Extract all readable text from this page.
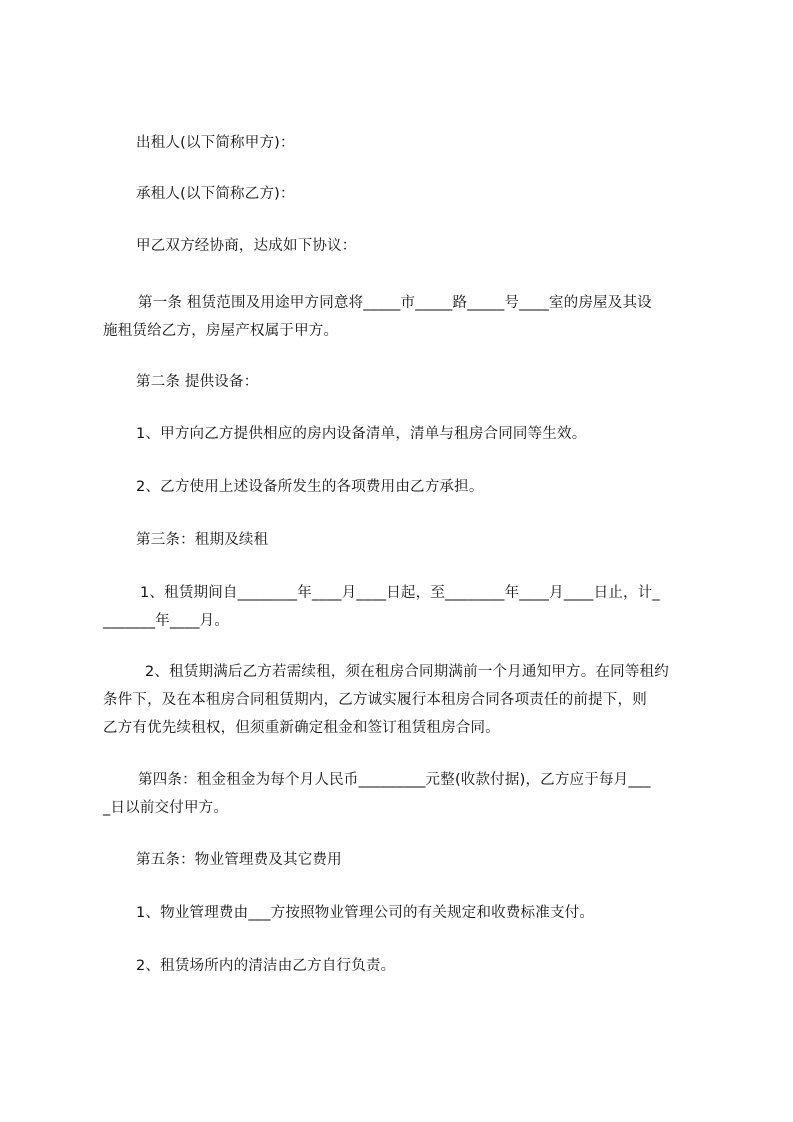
出租人(以下简称甲方)：
承租人(以下简称乙方)：
甲乙双方经协商，达成如下协议：
第一条 租赁范围及用途甲方同意将_____市_____路_____号____室的房屋及其设
施租赁给乙方，房屋产权属于甲方。
第二条 提供设备：
1、甲方向乙方提供相应的房内设备清单，清单与租房合同同等生效。
2、乙方使用上述设备所发生的各项费用由乙方承担。
第三条：租期及续租
1、租赁期间自________年____月____日起，至________年____月____日止，计_
_______年____月。
2、租赁期满后乙方若需续租，须在租房合同期满前一个月通知甲方。在同等租约
条件下，及在本租房合同租赁期内，乙方诚实履行本租房合同各项责任的前提下，则
乙方有优先续租权，但须重新确定租金和签订租赁租房合同。
第四条：租金租金为每个月人民币_________元整(收款付据)，乙方应于每月___
_日以前交付甲方。
第五条：物业管理费及其它费用
1、物业管理费由___方按照物业管理公司的有关规定和收费标准支付。
2、租赁场所内的清洁由乙方自行负责。
